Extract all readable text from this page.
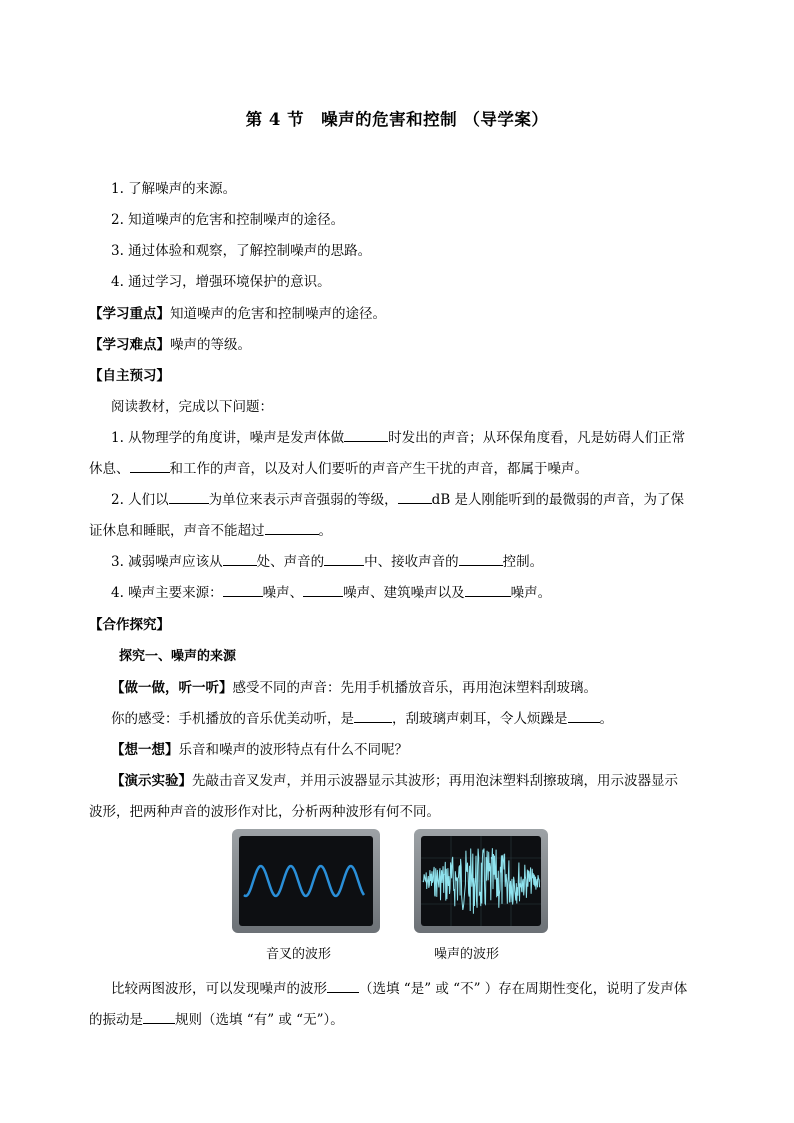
第 4 节　噪声的危害和控制 （导学案）
1. 了解噪声的来源。
2. 知道噪声的危害和控制噪声的途径。
3. 通过体验和观察，了解控制噪声的思路。
4. 通过学习，增强环境保护的意识。
【学习重点】知道噪声的危害和控制噪声的途径。
【学习难点】噪声的等级。
【自主预习】
阅读教材，完成以下问题：
1. 从物理学的角度讲，噪声是发声体做	时发出的声音；从环保角度看，凡是妨碍人们正常
休息、	和工作的声音，以及对人们要听的声音产生干扰的声音，都属于噪声。
2. 人们以	为单位来表示声音强弱的等级，	dB 是人刚能听到的最微弱的声音，为了保
证休息和睡眠，声音不能超过	。
3. 减弱噪声应该从	处、声音的	中、接收声音的	控制。
4. 噪声主要来源：	噪声、	噪声、建筑噪声以及	噪声。
【合作探究】
探究一、噪声的来源
【做一做，听一听】感受不同的声音：先用手机播放音乐，再用泡沫塑料刮玻璃。
你的感受：手机播放的音乐优美动听，是	，刮玻璃声刺耳，令人烦躁是 。
【想一想】乐音和噪声的波形特点有什么不同呢？
【演示实验】先敲击音叉发声，并用示波器显示其波形；再用泡沫塑料刮擦玻璃，用示波器显示
波形，把两种声音的波形作对比，分析两种波形有何不同。
音叉的波形	噪声的波形
比较两图波形，可以发现噪声的波形 （选填 “是” 或 “不” ）存在周期性变化，说明了发声体
的振动是 规则（选填 “有” 或 “无”）。
